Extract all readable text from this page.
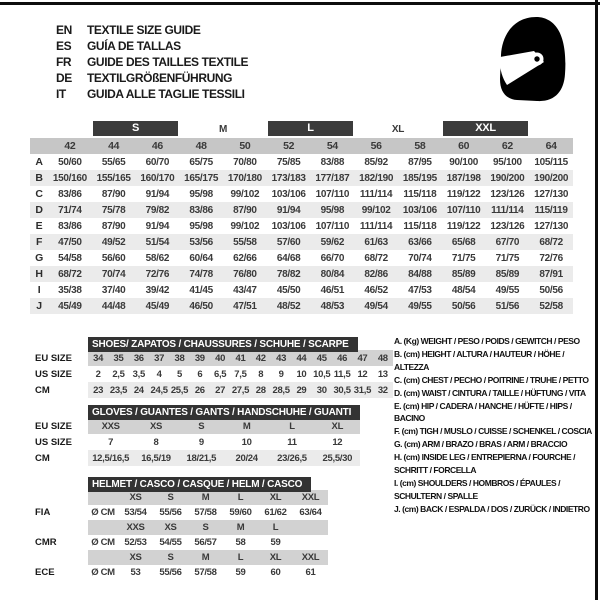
EN	TEXTILE SIZE GUIDE
ES	GUÍA DE TALLAS
FR	GUIDE DES TAILLES TEXTILE
DE	TEXTILGRÖßENFÜHRUNG
IT	GUIDA ALLE TAGLIE TESSILI

		S		M		L		XL		XXL		

	42	44	46	48	50	52	54	56	58	60	62	64
A	50/60	55/65	60/70	65/75	70/80	75/85	83/88	85/92	87/95	90/100	95/100	105/115
B	150/160	155/165	160/170	165/175	170/180	173/183	177/187	182/190	185/195	187/198	190/200	190/200
C	83/86	87/90	91/94	95/98	99/102	103/106	107/110	111/114	115/118	119/122	123/126	127/130
D	71/74	75/78	79/82	83/86	87/90	91/94	95/98	99/102	103/106	107/110	111/114	115/119
E	83/86	87/90	91/94	95/98	99/102	103/106	107/110	111/114	115/118	119/122	123/126	127/130
F	47/50	49/52	51/54	53/56	55/58	57/60	59/62	61/63	63/66	65/68	67/70	68/72
G	54/58	56/60	58/62	60/64	62/66	64/68	66/70	68/72	70/74	71/75	71/75	72/76
H	68/72	70/74	72/76	74/78	76/80	78/82	80/84	82/86	84/88	85/89	85/89	87/91
I	35/38	37/40	39/42	41/45	43/47	45/50	46/51	46/52	47/53	48/54	49/55	50/56
J	45/49	44/48	45/49	46/50	47/51	48/52	48/53	49/54	49/55	50/56	51/56	52/58
SHOES/ ZAPATOS / CHAUSSURES / SCHUHE / SCARPE
EU SIZE	34	35	36	37	38	39	40	41	42	43	44	45	46	47	48
US SIZE	2	2,5	3,5	4	5	6	6,5	7,5	8	9	10	10,5	11,5	12	13
CM	23	23,5	24	24,5	25,5	26	27	27,5	28	28,5	29	30	30,5	31,5	32
GLOVES / GUANTES / GANTS / HANDSCHUHE / GUANTI
EU SIZE	XXS	XS	S	M	L	XL
US SIZE	7	8	9	10	11	12
CM	12,5/16,5	16,5/19	18/21,5	20/24	23/26,5	25,5/30
HELMET / CASCO / CASQUE / HELM / CASCO
		XS	S	M	L	XL	XXL
FIA	Ø CM	53/54	55/56	57/58	59/60	61/62	63/64
		XXS	XS	S	M	L	
CMR	Ø CM	52/53	54/55	56/57	58	59	
		XS	S	M	L	XL	XXL
ECE	Ø CM	53	55/56	57/58	59	60	61
A. (Kg) WEIGHT / PESO / POIDS / GEWITCH / PESO
B. (cm) HEIGHT / ALTURA / HAUTEUR / HÖHE / ALTEZZA
C. (cm) CHEST / PECHO / POITRINE / TRUHE / PETTO
D. (cm) WAIST / CINTURA / TAILLE / HÜFTUNG / VITA
E. (cm) HIP / CADERA / HANCHE / HÜFTE / HIPS / BACINO
F. (cm) TIGH / MUSLO / CUISSE / SCHENKEL / COSCIA
G. (cm) ARM / BRAZO / BRAS / ARM / BRACCIO
H. (cm) INSIDE LEG / ENTREPIERNA / FOURCHE / SCHRITT / FORCELLA
I. (cm) SHOULDERS / HOMBROS / ÉPAULES / SCHULTERN / SPALLE
J. (cm) BACK / ESPALDA / DOS / ZURÜCK / INDIETRO
